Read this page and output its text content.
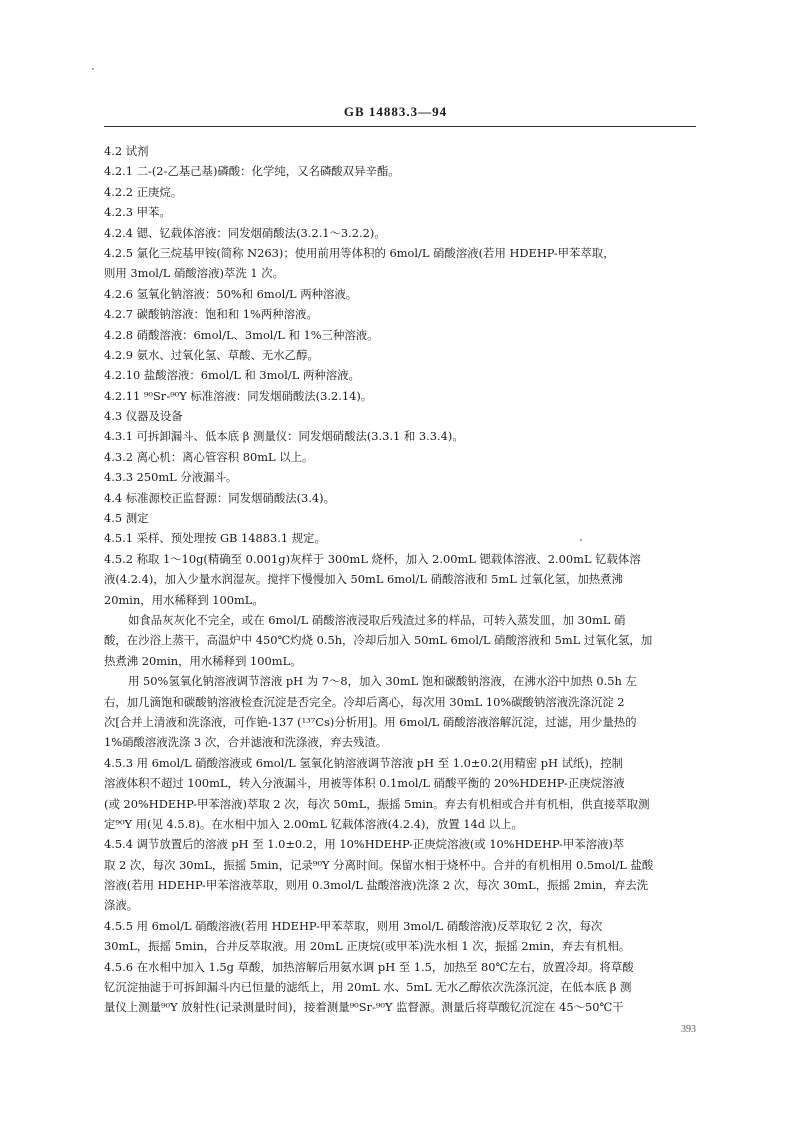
GB 14883.3—94
4.2 试剂
4.2.1 二-(2-乙基己基)磷酸：化学纯，又名磷酸双异辛酯。
4.2.2 正庚烷。
4.2.3 甲苯。
4.2.4 锶、钇载体溶液：同发烟硝酸法(3.2.1～3.2.2)。
4.2.5 氯化三烷基甲铵(简称 N263)；使用前用等体积的 6mol/L 硝酸溶液(若用 HDEHP-甲苯萃取，
则用 3mol/L 硝酸溶液)萃洗 1 次。
4.2.6 氢氧化钠溶液：50%和 6mol/L 两种溶液。
4.2.7 碳酸钠溶液：饱和和 1%两种溶液。
4.2.8 硝酸溶液：6mol/L、3mol/L 和 1%三种溶液。
4.2.9 氨水、过氧化氢、草酸、无水乙醇。
4.2.10 盐酸溶液：6mol/L 和 3mol/L 两种溶液。
4.2.11 ⁹⁰Sr-⁹⁰Y 标准溶液：同发烟硝酸法(3.2.14)。
4.3 仪器及设备
4.3.1 可拆卸漏斗、低本底 β 测量仪：同发烟硝酸法(3.3.1 和 3.3.4)。
4.3.2 离心机：离心管容积 80mL 以上。
4.3.3 250mL 分液漏斗。
4.4 标准源校正监督源：同发烟硝酸法(3.4)。
4.5 测定
4.5.1 采样、预处理按 GB 14883.1 规定。
4.5.2 称取 1～10g(精确至 0.001g)灰样于 300mL 烧杯，加入 2.00mL 锶载体溶液、2.00mL 钇载体溶
液(4.2.4)，加入少量水润湿灰。搅拌下慢慢加入 50mL 6mol/L 硝酸溶液和 5mL 过氧化氢，加热煮沸
20min，用水稀释到 100mL。
如食品灰灰化不完全，或在 6mol/L 硝酸溶液浸取后残渣过多的样品，可转入蒸发皿，加 30mL 硝
酸，在沙浴上蒸干，高温炉中 450℃灼烧 0.5h，冷却后加入 50mL 6mol/L 硝酸溶液和 5mL 过氧化氢，加
热煮沸 20min，用水稀释到 100mL。
用 50%氢氧化钠溶液调节溶液 pH 为 7～8，加入 30mL 饱和碳酸钠溶液，在沸水浴中加热 0.5h 左
右，加几滴饱和碳酸钠溶液检查沉淀是否完全。冷却后离心，每次用 30mL 10%碳酸钠溶液洗涤沉淀 2
次[合并上清液和洗涤液，可作铯-137 (¹³⁷Cs)分析用]。用 6mol/L 硝酸溶液溶解沉淀，过滤，用少量热的
1%硝酸溶液洗涤 3 次，合并滤液和洗涤液，弃去残渣。
4.5.3 用 6mol/L 硝酸溶液或 6mol/L 氢氧化钠溶液调节溶液 pH 至 1.0±0.2(用精密 pH 试纸)，控制
溶液体积不超过 100mL，转入分液漏斗，用被等体积 0.1mol/L 硝酸平衡的 20%HDEHP-正庚烷溶液
(或 20%HDEHP-甲苯溶液)萃取 2 次，每次 50mL，振摇 5min。弃去有机相或合并有机相，供直接萃取测
定⁹⁰Y 用(见 4.5.8)。在水相中加入 2.00mL 钇载体溶液(4.2.4)，放置 14d 以上。
4.5.4 调节放置后的溶液 pH 至 1.0±0.2，用 10%HDEHP-正庚烷溶液(或 10%HDEHP-甲苯溶液)萃
取 2 次，每次 30mL，振摇 5min，记录⁹⁰Y 分离时间。保留水相于烧杯中。合并的有机相用 0.5mol/L 盐酸
溶液(若用 HDEHP-甲苯溶液萃取，则用 0.3mol/L 盐酸溶液)洗涤 2 次，每次 30mL，振摇 2min，弃去洗
涤液。
4.5.5 用 6mol/L 硝酸溶液(若用 HDEHP-甲苯萃取，则用 3mol/L 硝酸溶液)反萃取钇 2 次，每次
30mL，振摇 5min，合并反萃取液。用 20mL 正庚烷(或甲苯)洗水相 1 次，振摇 2min，弃去有机相。
4.5.6 在水相中加入 1.5g 草酸，加热溶解后用氨水调 pH 至 1.5，加热至 80℃左右，放置冷却。将草酸
钇沉淀抽滤于可拆卸漏斗内已恒量的滤纸上，用 20mL 水、5mL 无水乙醇依次洗涤沉淀，在低本底 β 测
量仪上测量⁹⁰Y 放射性(记录测量时间)，接着测量⁹⁰Sr-⁹⁰Y 监督源。测量后将草酸钇沉淀在 45～50℃干
393
